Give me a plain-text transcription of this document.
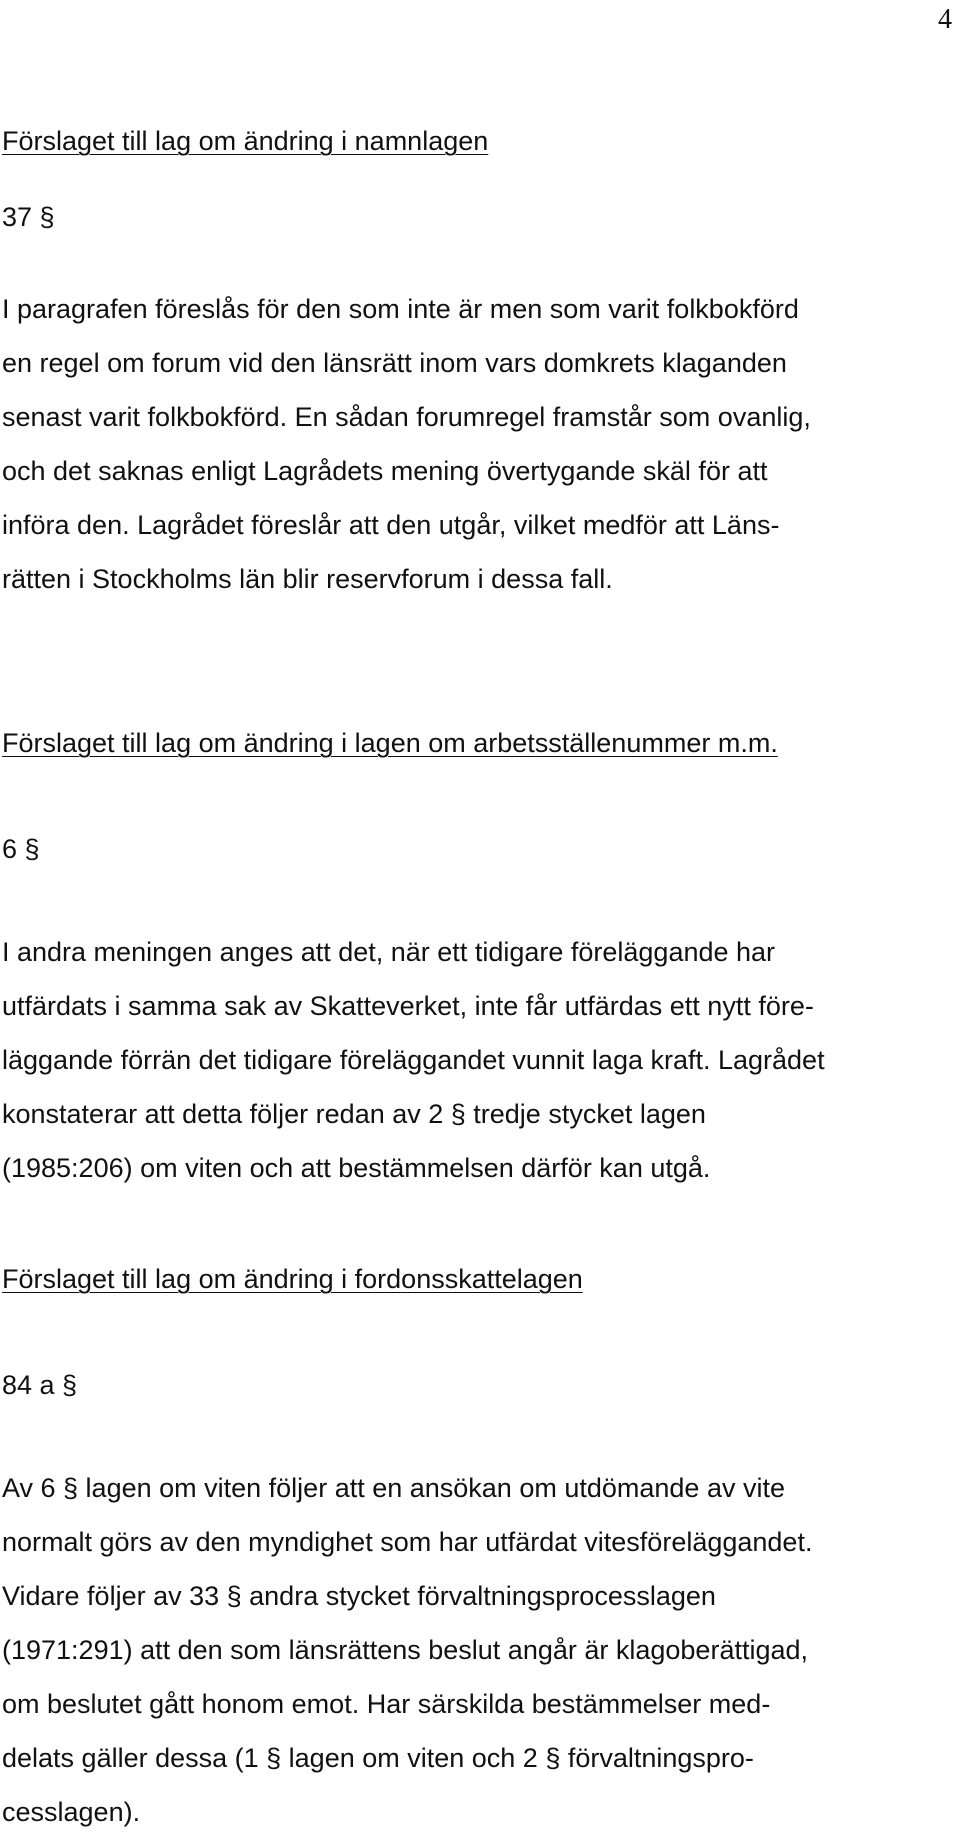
4
Förslaget till lag om ändring i namnlagen
37 §
I paragrafen föreslås för den som inte är men som varit folkbokförd
en regel om forum vid den länsrätt inom vars domkrets klaganden
senast varit folkbokförd. En sådan forumregel framstår som ovanlig,
och det saknas enligt Lagrådets mening övertygande skäl för att
införa den. Lagrådet föreslår att den utgår, vilket medför att Läns-
rätten i Stockholms län blir reservforum i dessa fall.
Förslaget till lag om ändring i lagen om arbetsställenummer m.m.
6 §
I andra meningen anges att det, när ett tidigare föreläggande har
utfärdats i samma sak av Skatteverket, inte får utfärdas ett nytt före-
läggande förrän det tidigare föreläggandet vunnit laga kraft. Lagrådet
konstaterar att detta följer redan av 2 § tredje stycket lagen
(1985:206) om viten och att bestämmelsen därför kan utgå.
Förslaget till lag om ändring i fordonsskattelagen
84 a §
Av 6 § lagen om viten följer att en ansökan om utdömande av vite
normalt görs av den myndighet som har utfärdat vitesföreläggandet.
Vidare följer av 33 § andra stycket förvaltningsprocesslagen
(1971:291) att den som länsrättens beslut angår är klagoberättigad,
om beslutet gått honom emot. Har särskilda bestämmelser med-
delats gäller dessa (1 § lagen om viten och 2 § förvaltningspro-
cesslagen).
